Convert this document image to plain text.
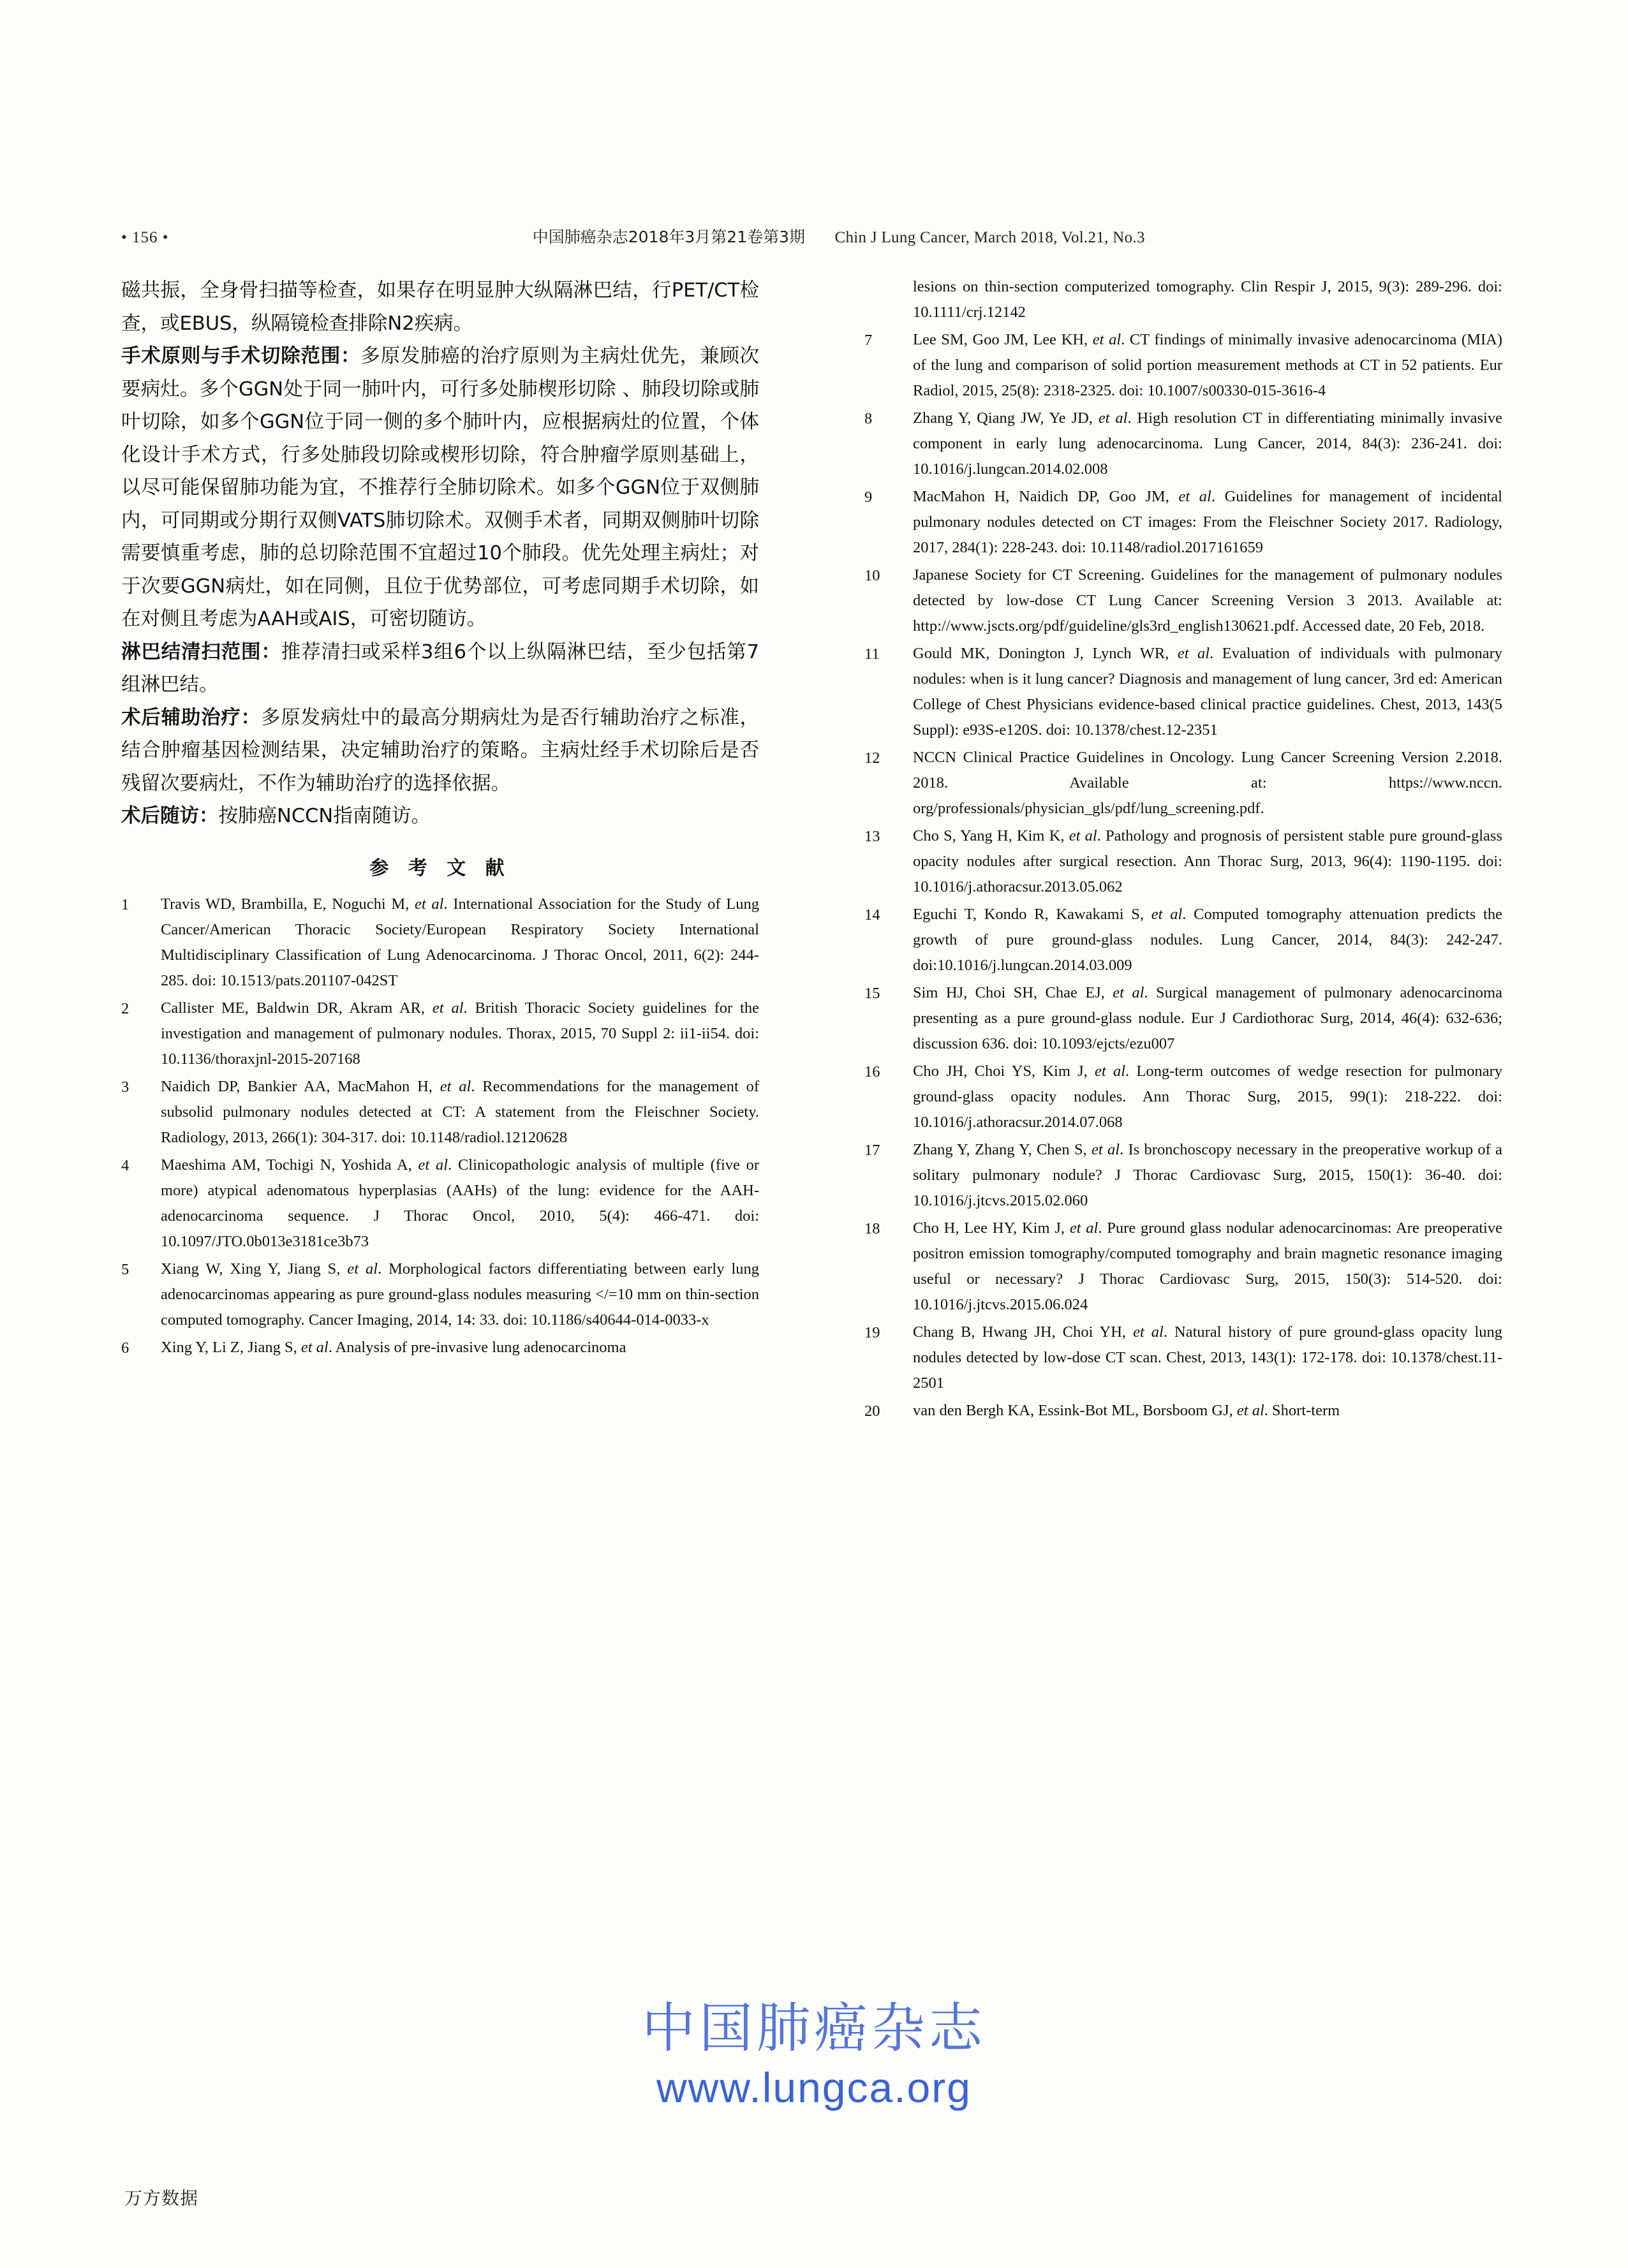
• 156 •	中国肺癌杂志2018年3月第21卷第3期 Chin J Lung Cancer, March 2018, Vol.21, No.3

磁共振，全身骨扫描等检查，如果存在明显肿大纵隔淋巴结，行PET/CT检查，或EBUS，纵隔镜检查排除N2疾病。

手术原则与手术切除范围：多原发肺癌的治疗原则为主病灶优先，兼顾次要病灶。多个GGN处于同一肺叶内，可行多处肺楔形切除 、肺段切除或肺叶切除，如多个GGN位于同一侧的多个肺叶内，应根据病灶的位置，个体化设计手术方式，行多处肺段切除或楔形切除，符合肿瘤学原则基础上，以尽可能保留肺功能为宜，不推荐行全肺切除术。如多个GGN位于双侧肺内，可同期或分期行双侧VATS肺切除术。双侧手术者，同期双侧肺叶切除需要慎重考虑，肺的总切除范围不宜超过10个肺段。优先处理主病灶；对于次要GGN病灶，如在同侧，且位于优势部位，可考虑同期手术切除，如在对侧且考虑为AAH或AIS，可密切随访。

淋巴结清扫范围：推荐清扫或采样3组6个以上纵隔淋巴结，至少包括第7组淋巴结。

术后辅助治疗：多原发病灶中的最高分期病灶为是否行辅助治疗之标准，结合肿瘤基因检测结果，决定辅助治疗的策略。主病灶经手术切除后是否残留次要病灶，不作为辅助治疗的选择依据。

术后随访：按肺癌NCCN指南随访。

参 考 文 献
1	Travis WD, Brambilla, E, Noguchi M, et al. International Association for the Study of Lung Cancer/American Thoracic Society/European Respiratory Society International Multidisciplinary Classification of Lung Adenocarcinoma. J Thorac Oncol, 2011, 6(2): 244-285. doi: 10.1513/pats.201107-042ST
2	Callister ME, Baldwin DR, Akram AR, et al. British Thoracic Society guidelines for the investigation and management of pulmonary nodules. Thorax, 2015, 70 Suppl 2: ii1-ii54. doi: 10.1136/thoraxjnl-2015-207168
3	Naidich DP, Bankier AA, MacMahon H, et al. Recommendations for the management of subsolid pulmonary nodules detected at CT: A statement from the Fleischner Society. Radiology, 2013, 266(1): 304-317. doi: 10.1148/radiol.12120628
4	Maeshima AM, Tochigi N, Yoshida A, et al. Clinicopathologic analysis of multiple (five or more) atypical adenomatous hyperplasias (AAHs) of the lung: evidence for the AAH-adenocarcinoma sequence. J Thorac Oncol, 2010, 5(4): 466-471. doi: 10.1097/JTO.0b013e3181ce3b73
5	Xiang W, Xing Y, Jiang S, et al. Morphological factors differentiating between early lung adenocarcinomas appearing as pure ground-glass nodules measuring </=10 mm on thin-section computed tomography. Cancer Imaging, 2014, 14: 33. doi: 10.1186/s40644-014-0033-x
6	Xing Y, Li Z, Jiang S, et al. Analysis of pre-invasive lung adenocarcinoma
lesions on thin-section computerized tomography. Clin Respir J, 2015, 9(3): 289-296. doi: 10.1111/crj.12142
7	Lee SM, Goo JM, Lee KH, et al. CT findings of minimally invasive adenocarcinoma (MIA) of the lung and comparison of solid portion measurement methods at CT in 52 patients. Eur Radiol, 2015, 25(8): 2318-2325. doi: 10.1007/s00330-015-3616-4
8	Zhang Y, Qiang JW, Ye JD, et al. High resolution CT in differentiating minimally invasive component in early lung adenocarcinoma. Lung Cancer, 2014, 84(3): 236-241. doi: 10.1016/j.lungcan.2014.02.008
9	MacMahon H, Naidich DP, Goo JM, et al. Guidelines for management of incidental pulmonary nodules detected on CT images: From the Fleischner Society 2017. Radiology, 2017, 284(1): 228-243. doi: 10.1148/radiol.2017161659
10	Japanese Society for CT Screening. Guidelines for the management of pulmonary nodules detected by low-dose CT Lung Cancer Screening Version 3 2013. Available at: http://www.jscts.org/pdf/guideline/gls3rd_english130621.pdf. Accessed date, 20 Feb, 2018.
11	Gould MK, Donington J, Lynch WR, et al. Evaluation of individuals with pulmonary nodules: when is it lung cancer? Diagnosis and management of lung cancer, 3rd ed: American College of Chest Physicians evidence-based clinical practice guidelines. Chest, 2013, 143(5 Suppl): e93S-e120S. doi: 10.1378/chest.12-2351
12	NCCN Clinical Practice Guidelines in Oncology. Lung Cancer Screening Version 2.2018. 2018. Available at: https://www.nccn. org/professionals/physician_gls/pdf/lung_screening.pdf.
13	Cho S, Yang H, Kim K, et al. Pathology and prognosis of persistent stable pure ground-glass opacity nodules after surgical resection. Ann Thorac Surg, 2013, 96(4): 1190-1195. doi: 10.1016/j.athoracsur.2013.05.062
14	Eguchi T, Kondo R, Kawakami S, et al. Computed tomography attenuation predicts the growth of pure ground-glass nodules. Lung Cancer, 2014, 84(3): 242-247. doi:10.1016/j.lungcan.2014.03.009
15	Sim HJ, Choi SH, Chae EJ, et al. Surgical management of pulmonary adenocarcinoma presenting as a pure ground-glass nodule. Eur J Cardiothorac Surg, 2014, 46(4): 632-636; discussion 636. doi: 10.1093/ejcts/ezu007
16	Cho JH, Choi YS, Kim J, et al. Long-term outcomes of wedge resection for pulmonary ground-glass opacity nodules. Ann Thorac Surg, 2015, 99(1): 218-222. doi: 10.1016/j.athoracsur.2014.07.068
17	Zhang Y, Zhang Y, Chen S, et al. Is bronchoscopy necessary in the preoperative workup of a solitary pulmonary nodule? J Thorac Cardiovasc Surg, 2015, 150(1): 36-40. doi: 10.1016/j.jtcvs.2015.02.060
18	Cho H, Lee HY, Kim J, et al. Pure ground glass nodular adenocarcinomas: Are preoperative positron emission tomography/computed tomography and brain magnetic resonance imaging useful or necessary? J Thorac Cardiovasc Surg, 2015, 150(3): 514-520. doi: 10.1016/j.jtcvs.2015.06.024
19	Chang B, Hwang JH, Choi YH, et al. Natural history of pure ground-glass opacity lung nodules detected by low-dose CT scan. Chest, 2013, 143(1): 172-178. doi: 10.1378/chest.11-2501
20	van den Bergh KA, Essink-Bot ML, Borsboom GJ, et al. Short-term
中国肺癌杂志
www.lungca.org
万方数据
